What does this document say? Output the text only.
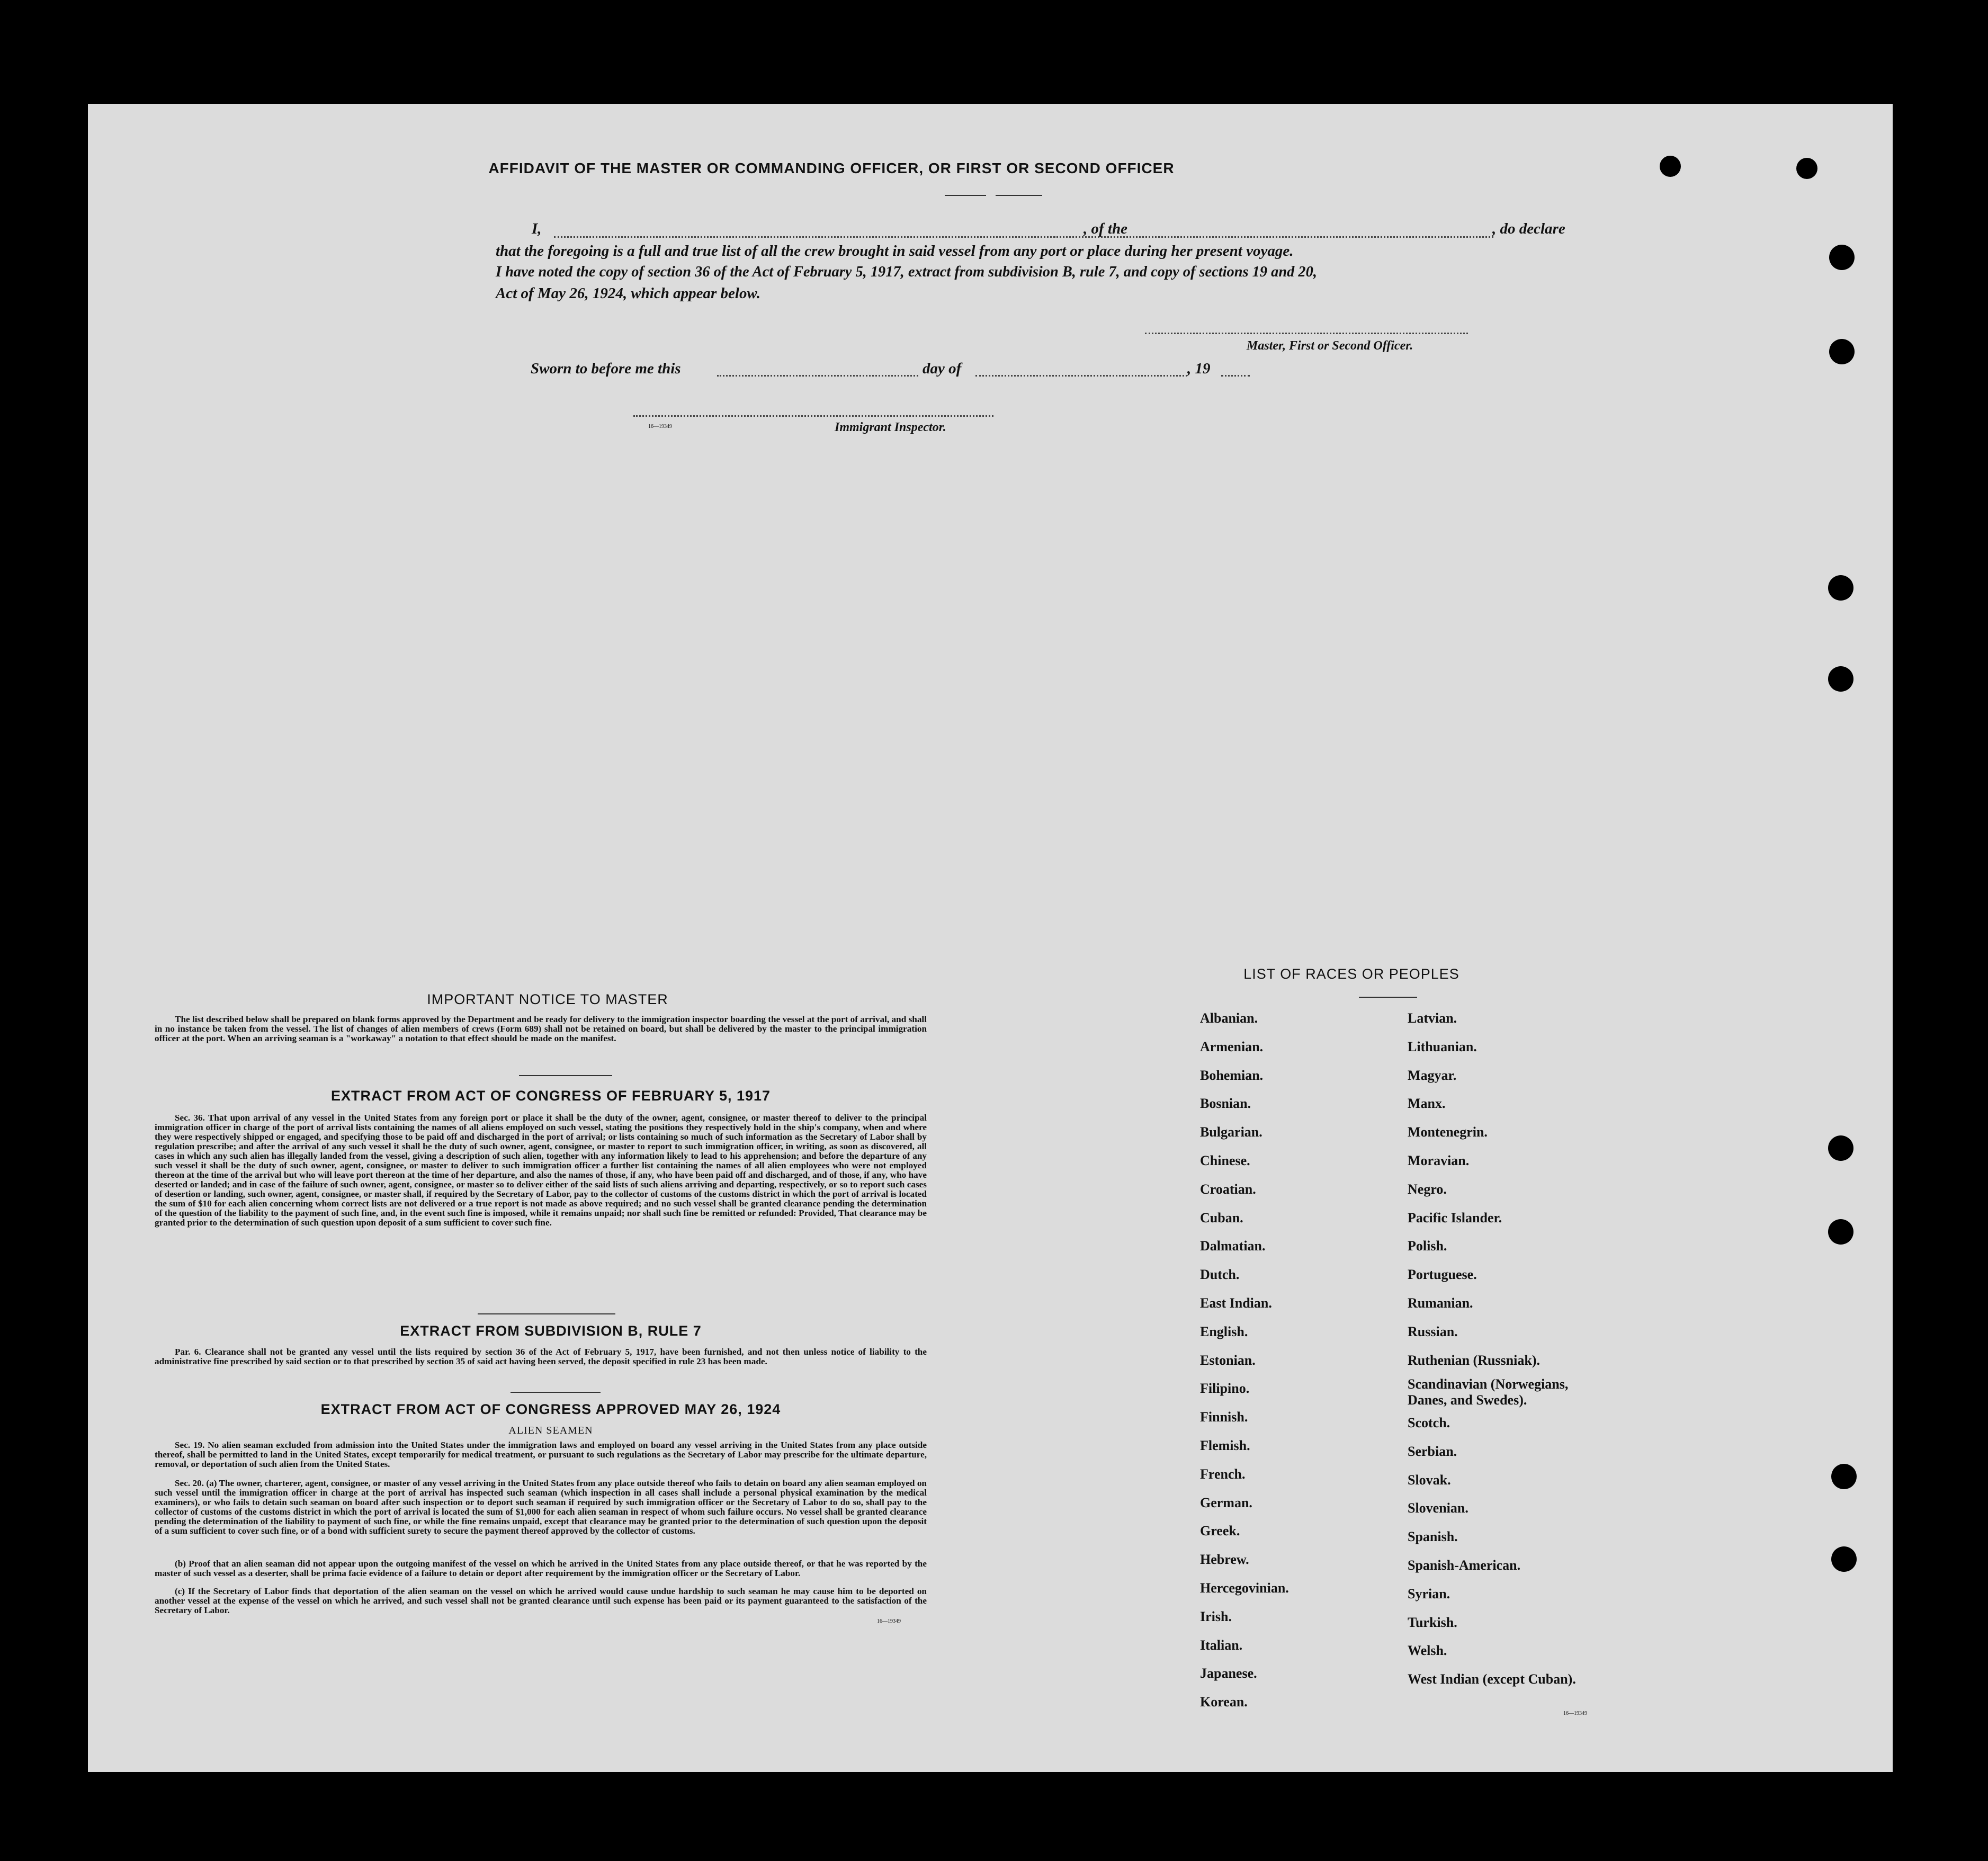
AFFIDAVIT OF THE MASTER OR COMMANDING OFFICER, OR FIRST OR SECOND OFFICER
I,	, of the	, do declare
that the foregoing is a full and true list of all the crew brought in said vessel from any port or place during her present voyage.
I have noted the copy of section 36 of the Act of February 5, 1917, extract from subdivision B, rule 7, and copy of sections 19 and 20,
Act of May 26, 1924, which appear below.
Master, First or Second Officer.
Sworn to before me this	day of	, 19
16—19349	Immigrant Inspector.
IMPORTANT NOTICE TO MASTER
The list described below shall be prepared on blank forms approved by the Department and be ready for delivery to the immigration inspector boarding the vessel at the port of arrival, and shall in no instance be taken from the vessel. The list of changes of alien members of crews (Form 689) shall not be retained on board, but shall be delivered by the master to the principal immigration officer at the port. When an arriving seaman is a "workaway" a notation to that effect should be made on the manifest.
EXTRACT FROM ACT OF CONGRESS OF FEBRUARY 5, 1917
Sec. 36. That upon arrival of any vessel in the United States from any foreign port or place it shall be the duty of the owner, agent, consignee, or master thereof to deliver to the principal immigration officer in charge of the port of arrival lists containing the names of all aliens employed on such vessel, stating the positions they respectively hold in the ship's company, when and where they were respectively shipped or engaged, and specifying those to be paid off and discharged in the port of arrival; or lists containing so much of such information as the Secretary of Labor shall by regulation prescribe; and after the arrival of any such vessel it shall be the duty of such owner, agent, consignee, or master to report to such immigration officer, in writing, as soon as discovered, all cases in which any such alien has illegally landed from the vessel, giving a description of such alien, together with any information likely to lead to his apprehension; and before the departure of any such vessel it shall be the duty of such owner, agent, consignee, or master to deliver to such immigration officer a further list containing the names of all alien employees who were not employed thereon at the time of the arrival but who will leave port thereon at the time of her departure, and also the names of those, if any, who have been paid off and discharged, and of those, if any, who have deserted or landed; and in case of the failure of such owner, agent, consignee, or master so to deliver either of the said lists of such aliens arriving and departing, respectively, or so to report such cases of desertion or landing, such owner, agent, consignee, or master shall, if required by the Secretary of Labor, pay to the collector of customs of the customs district in which the port of arrival is located the sum of $10 for each alien concerning whom correct lists are not delivered or a true report is not made as above required; and no such vessel shall be granted clearance pending the determination of the question of the liability to the payment of such fine, and, in the event such fine is imposed, while it remains unpaid; nor shall such fine be remitted or refunded: Provided, That clearance may be granted prior to the determination of such question upon deposit of a sum sufficient to cover such fine.
EXTRACT FROM SUBDIVISION B, RULE 7
Par. 6. Clearance shall not be granted any vessel until the lists required by section 36 of the Act of February 5, 1917, have been furnished, and not then unless notice of liability to the administrative fine prescribed by said section or to that prescribed by section 35 of said act having been served, the deposit specified in rule 23 has been made.
EXTRACT FROM ACT OF CONGRESS APPROVED MAY 26, 1924
ALIEN SEAMEN
Sec. 19. No alien seaman excluded from admission into the United States under the immigration laws and employed on board any vessel arriving in the United States from any place outside thereof, shall be permitted to land in the United States, except temporarily for medical treatment, or pursuant to such regulations as the Secretary of Labor may prescribe for the ultimate departure, removal, or deportation of such alien from the United States.
Sec. 20. (a) The owner, charterer, agent, consignee, or master of any vessel arriving in the United States from any place outside thereof who fails to detain on board any alien seaman employed on such vessel until the immigration officer in charge at the port of arrival has inspected such seaman (which inspection in all cases shall include a personal physical examination by the medical examiners), or who fails to detain such seaman on board after such inspection or to deport such seaman if required by such immigration officer or the Secretary of Labor to do so, shall pay to the collector of customs of the customs district in which the port of arrival is located the sum of $1,000 for each alien seaman in respect of whom such failure occurs. No vessel shall be granted clearance pending the determination of the liability to payment of such fine, or while the fine remains unpaid, except that clearance may be granted prior to the determination of such question upon the deposit of a sum sufficient to cover such fine, or of a bond with sufficient surety to secure the payment thereof approved by the collector of customs.
(b) Proof that an alien seaman did not appear upon the outgoing manifest of the vessel on which he arrived in the United States from any place outside thereof, or that he was reported by the master of such vessel as a deserter, shall be prima facie evidence of a failure to detain or deport after requirement by the immigration officer or the Secretary of Labor.
(c) If the Secretary of Labor finds that deportation of the alien seaman on the vessel on which he arrived would cause undue hardship to such seaman he may cause him to be deported on another vessel at the expense of the vessel on which he arrived, and such vessel shall not be granted clearance until such expense has been paid or its payment guaranteed to the satisfaction of the Secretary of Labor.
16—19349
LIST OF RACES OR PEOPLES
16—19349
Albanian.
Armenian.
Bohemian.
Bosnian.
Bulgarian.
Chinese.
Croatian.
Cuban.
Dalmatian.
Dutch.
East Indian.
English.
Estonian.
Filipino.
Finnish.
Flemish.
French.
German.
Greek.
Hebrew.
Hercegovinian.
Irish.
Italian.
Japanese.
Korean.
Latvian.
Lithuanian.
Magyar.
Manx.
Montenegrin.
Moravian.
Negro.
Pacific Islander.
Polish.
Portuguese.
Rumanian.
Russian.
Ruthenian (Russniak).
Scandinavian (Norwegians, Danes, and Swedes).
Scotch.
Serbian.
Slovak.
Slovenian.
Spanish.
Spanish-American.
Syrian.
Turkish.
Welsh.
West Indian (except Cuban).
